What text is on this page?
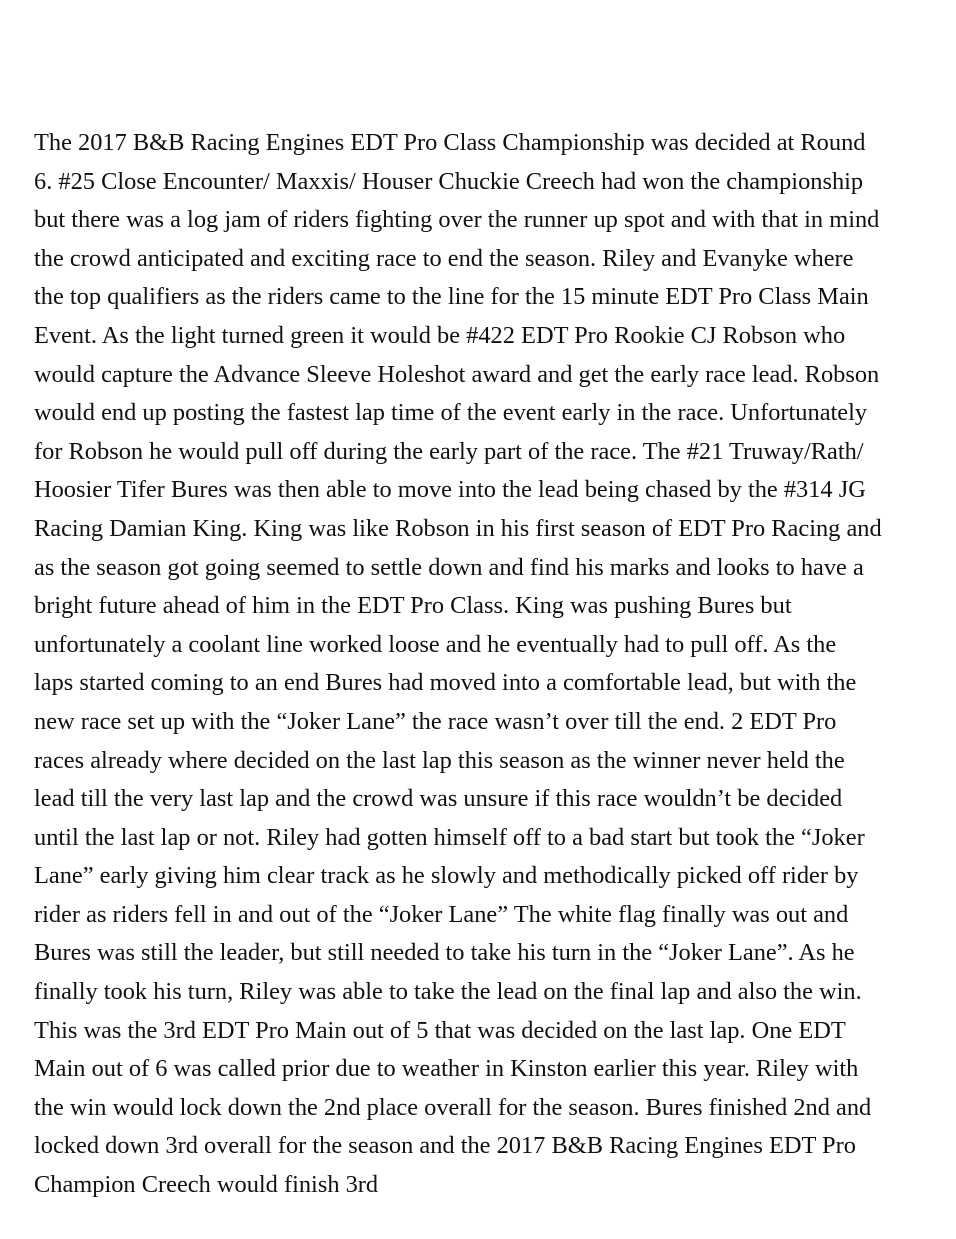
The 2017 B&B Racing Engines EDT Pro Class Championship was decided at Round
6. #25 Close Encounter/ Maxxis/ Houser Chuckie Creech had won the championship
but there was a log jam of riders fighting over the runner up spot and with that in mind
the crowd anticipated and exciting race to end the season. Riley and Evanyke where
the top qualifiers as the riders came to the line for the 15 minute EDT Pro Class Main
Event. As the light turned green it would be #422 EDT Pro Rookie CJ Robson who
would capture the Advance Sleeve Holeshot award and get the early race lead. Robson
would end up posting the fastest lap time of the event early in the race. Unfortunately
for Robson he would pull off during the early part of the race. The #21 Truway/Rath/
Hoosier Tifer Bures was then able to move into the lead being chased by the #314 JG
Racing Damian King. King was like Robson in his first season of EDT Pro Racing and
as the season got going seemed to settle down and find his marks and looks to have a
bright future ahead of him in the EDT Pro Class. King was pushing Bures but
unfortunately a coolant line worked loose and he eventually had to pull off. As the
laps started coming to an end Bures had moved into a comfortable lead, but with the
new race set up with the “Joker Lane” the race wasn’t over till the end. 2 EDT Pro
races already where decided on the last lap this season as the winner never held the
lead till the very last lap and the crowd was unsure if this race wouldn’t be decided
until the last lap or not. Riley had gotten himself off to a bad start but took the “Joker
Lane” early giving him clear track as he slowly and methodically picked off rider by
rider as riders fell in and out of the “Joker Lane” The white flag finally was out and
Bures was still the leader, but still needed to take his turn in the “Joker Lane”. As he
finally took his turn, Riley was able to take the lead on the final lap and also the win.
This was the 3rd EDT Pro Main out of 5 that was decided on the last lap. One EDT
Main out of 6 was called prior due to weather in Kinston earlier this year. Riley with
the win would lock down the 2nd place overall for the season. Bures finished 2nd and
locked down 3rd overall for the season and the 2017 B&B Racing Engines EDT Pro
Champion Creech would finish 3rd
